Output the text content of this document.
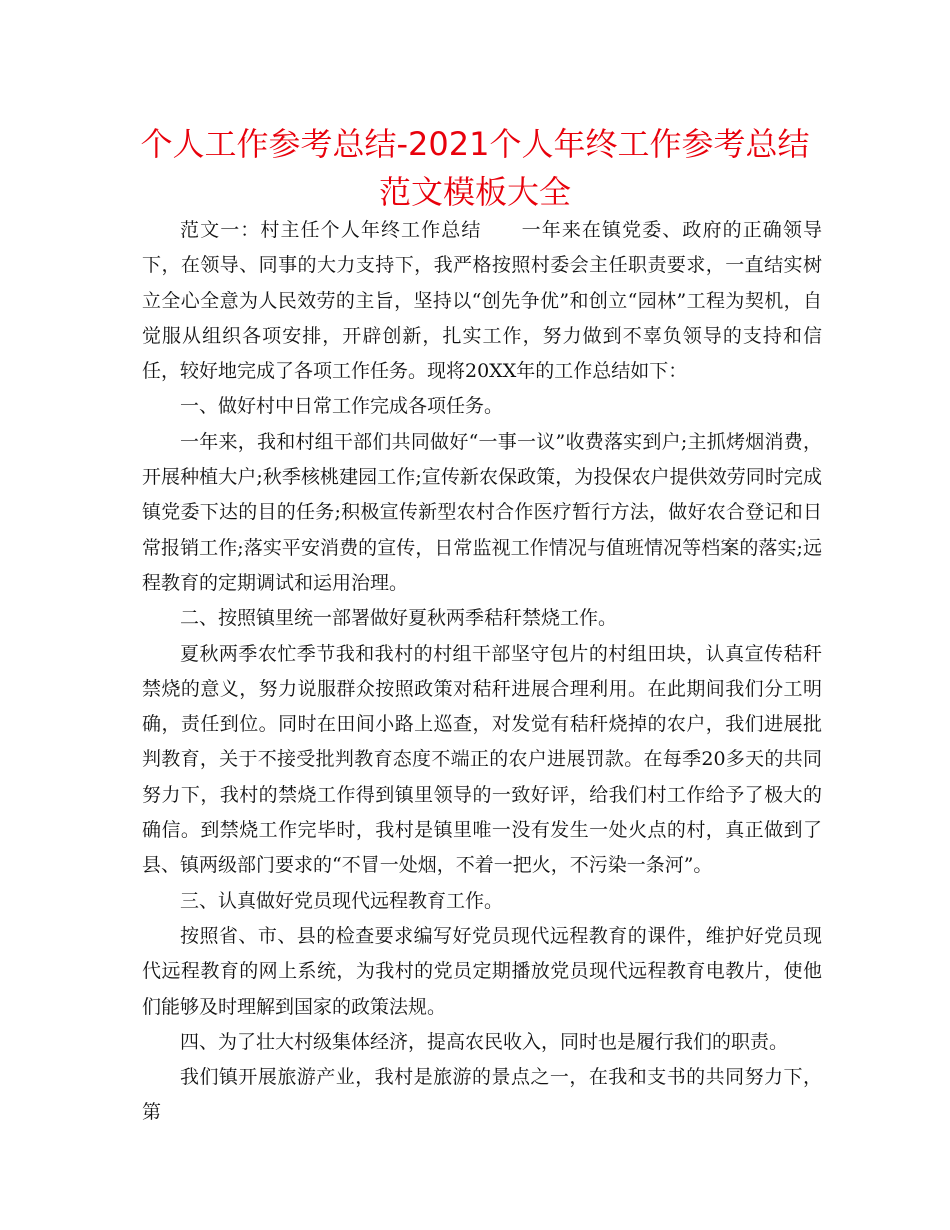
个人工作参考总结-2021个人年终工作参考总结
范文模板大全

范文一：村主任个人年终工作总结　　一年来在镇党委、政府的正确领导下，在领导、同事的大力支持下，我严格按照村委会主任职责要求，一直结实树立全心全意为人民效劳的主旨，坚持以“创先争优”和创立“园林”工程为契机，自觉服从组织各项安排，开辟创新，扎实工作，努力做到不辜负领导的支持和信任，较好地完成了各项工作任务。现将20XX年的工作总结如下：

一、做好村中日常工作完成各项任务。

一年来，我和村组干部们共同做好“一事一议”收费落实到户;主抓烤烟消费，开展种植大户;秋季核桃建园工作;宣传新农保政策，为投保农户提供效劳同时完成镇党委下达的目的任务;积极宣传新型农村合作医疗暂行方法，做好农合登记和日常报销工作;落实平安消费的宣传，日常监视工作情况与值班情况等档案的落实;远程教育的定期调试和运用治理。

二、按照镇里统一部署做好夏秋两季秸秆禁烧工作。

夏秋两季农忙季节我和我村的村组干部坚守包片的村组田块，认真宣传秸秆禁烧的意义，努力说服群众按照政策对秸秆进展合理利用。在此期间我们分工明确，责任到位。同时在田间小路上巡查，对发觉有秸秆烧掉的农户，我们进展批判教育，关于不接受批判教育态度不端正的农户进展罚款。在每季20多天的共同努力下，我村的禁烧工作得到镇里领导的一致好评，给我们村工作给予了极大的确信。到禁烧工作完毕时，我村是镇里唯一没有发生一处火点的村，真正做到了县、镇两级部门要求的“不冒一处烟，不着一把火，不污染一条河”。

三、认真做好党员现代远程教育工作。

按照省、市、县的检查要求编写好党员现代远程教育的课件，维护好党员现代远程教育的网上系统，为我村的党员定期播放党员现代远程教育电教片，使他们能够及时理解到国家的政策法规。

四、为了壮大村级集体经济，提高农民收入，同时也是履行我们的职责。

我们镇开展旅游产业，我村是旅游的景点之一，在我和支书的共同努力下，第
